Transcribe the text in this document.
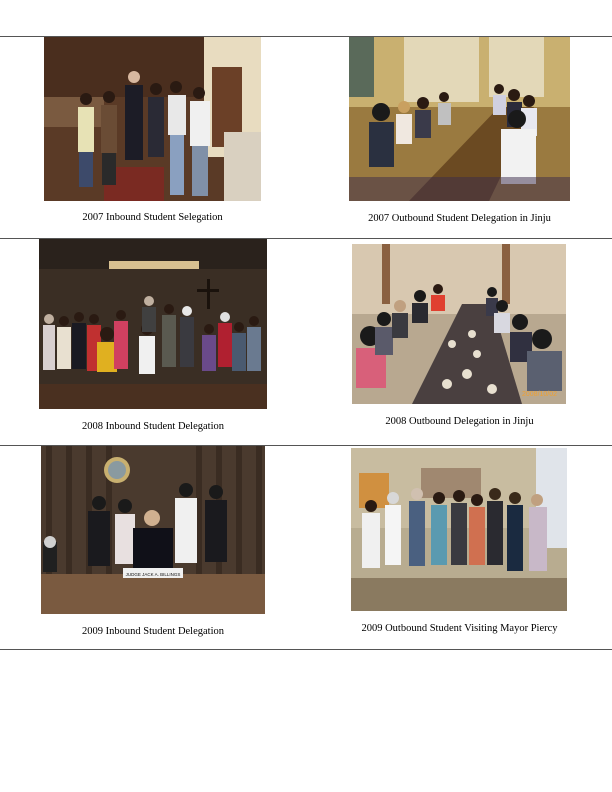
2008/10/02
JUDGE JACK A. BILLINGS
2007 Inbound Student Selegation	2007 Outbound Student Delegation in Jinju
2008 Inbound Student Delegation	2008 Outbound Delegation in Jinju
2009 Inbound Student Delegation	2009 Outbound Student Visiting Mayor Piercy
